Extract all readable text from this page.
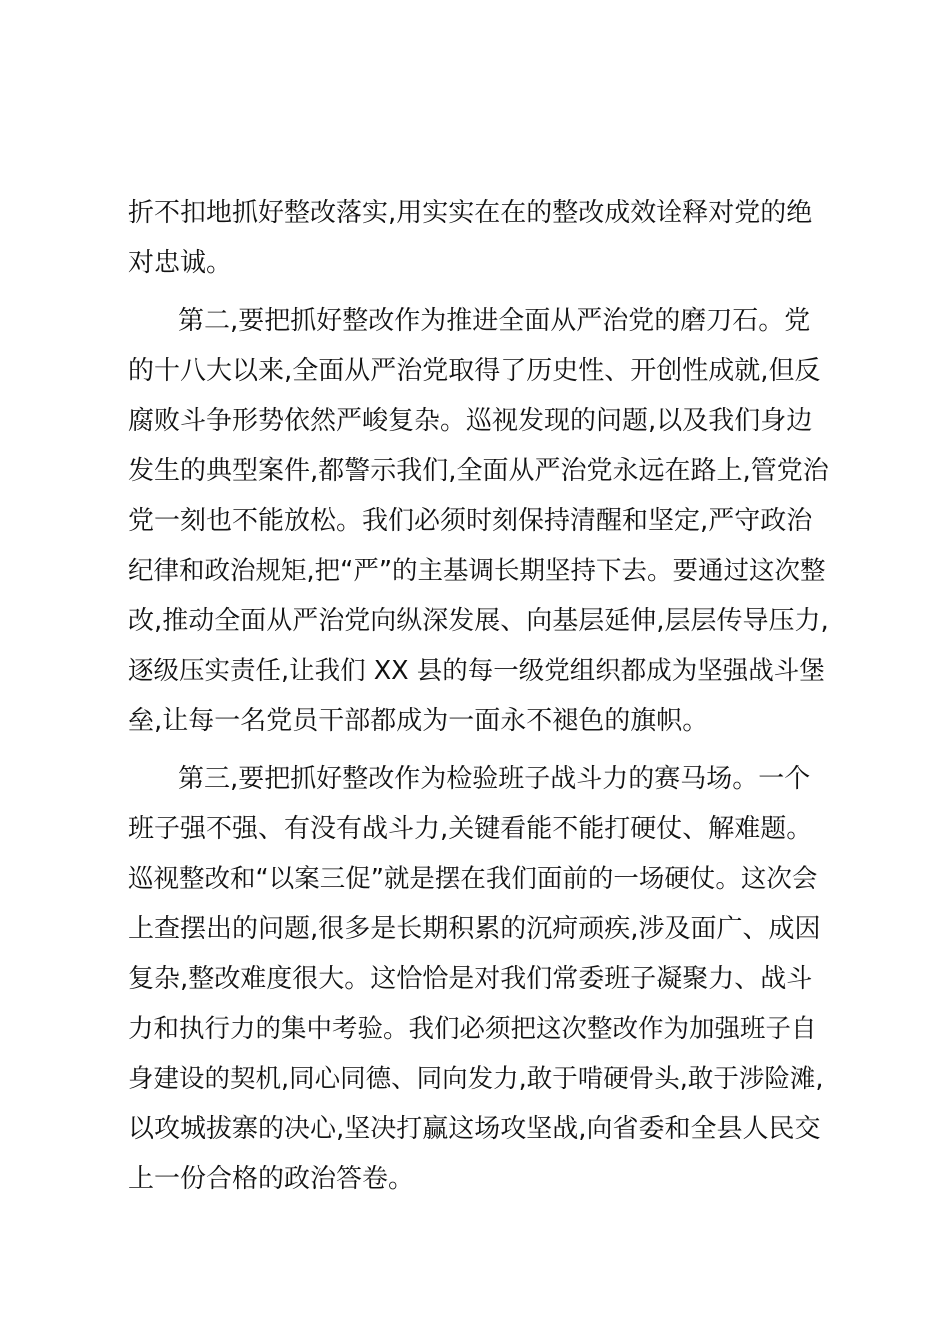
折不扣地抓好整改落实,用实实在在的整改成效诠释对党的绝
对忠诚。
第二,要把抓好整改作为推进全面从严治党的磨刀石。党
的十八大以来,全面从严治党取得了历史性、开创性成就,但反
腐败斗争形势依然严峻复杂。巡视发现的问题,以及我们身边
发生的典型案件,都警示我们,全面从严治党永远在路上,管党治
党一刻也不能放松。我们必须时刻保持清醒和坚定,严守政治
纪律和政治规矩,把“严”的主基调长期坚持下去。要通过这次整
改,推动全面从严治党向纵深发展、向基层延伸,层层传导压力,
逐级压实责任,让我们 XX 县的每一级党组织都成为坚强战斗堡
垒,让每一名党员干部都成为一面永不褪色的旗帜。
第三,要把抓好整改作为检验班子战斗力的赛马场。一个
班子强不强、有没有战斗力,关键看能不能打硬仗、解难题。
巡视整改和“以案三促”就是摆在我们面前的一场硬仗。这次会
上查摆出的问题,很多是长期积累的沉疴顽疾,涉及面广、成因
复杂,整改难度很大。这恰恰是对我们常委班子凝聚力、战斗
力和执行力的集中考验。我们必须把这次整改作为加强班子自
身建设的契机,同心同德、同向发力,敢于啃硬骨头,敢于涉险滩,
以攻城拔寨的决心,坚决打赢这场攻坚战,向省委和全县人民交
上一份合格的政治答卷。
